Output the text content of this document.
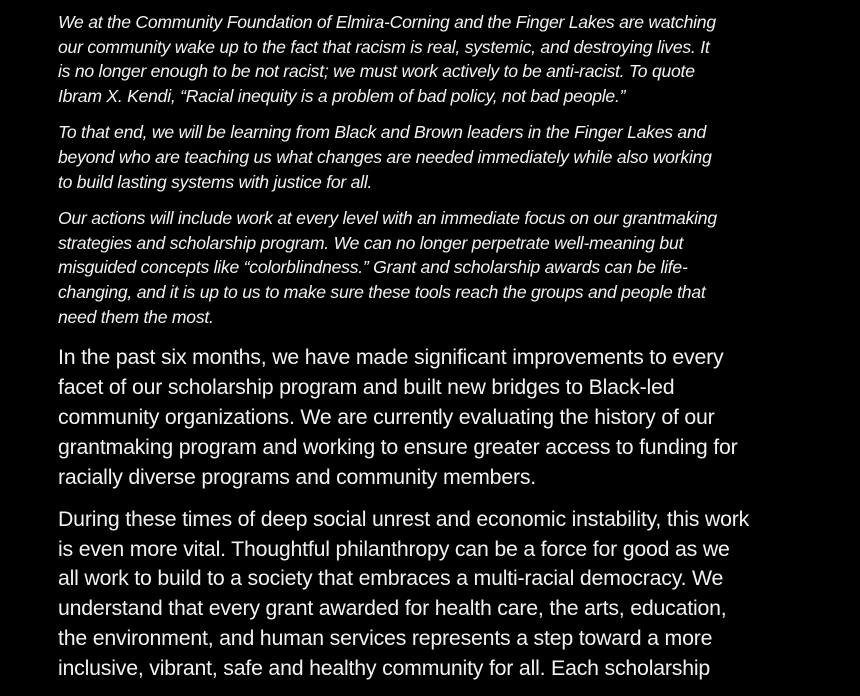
We at the Community Foundation of Elmira-Corning and the Finger Lakes are watching
our community wake up to the fact that racism is real, systemic, and destroying lives. It
is no longer enough to be not racist; we must work actively to be anti-racist. To quote
Ibram X. Kendi, “Racial inequity is a problem of bad policy, not bad people.”

To that end, we will be learning from Black and Brown leaders in the Finger Lakes and
beyond who are teaching us what changes are needed immediately while also working
to build lasting systems with justice for all.

Our actions will include work at every level with an immediate focus on our grantmaking
strategies and scholarship program. We can no longer perpetrate well-meaning but
misguided concepts like “colorblindness.” Grant and scholarship awards can be life-
changing, and it is up to us to make sure these tools reach the groups and people that
need them the most.

In the past six months, we have made significant improvements to every
facet of our scholarship program and built new bridges to Black-led
community organizations. We are currently evaluating the history of our
grantmaking program and working to ensure greater access to funding for
racially diverse programs and community members.

During these times of deep social unrest and economic instability, this work
is even more vital. Thoughtful philanthropy can be a force for good as we
all work to build to a society that embraces a multi-racial democracy. We
understand that every grant awarded for health care, the arts, education,
the environment, and human services represents a step toward a more
inclusive, vibrant, safe and healthy community for all. Each scholarship
